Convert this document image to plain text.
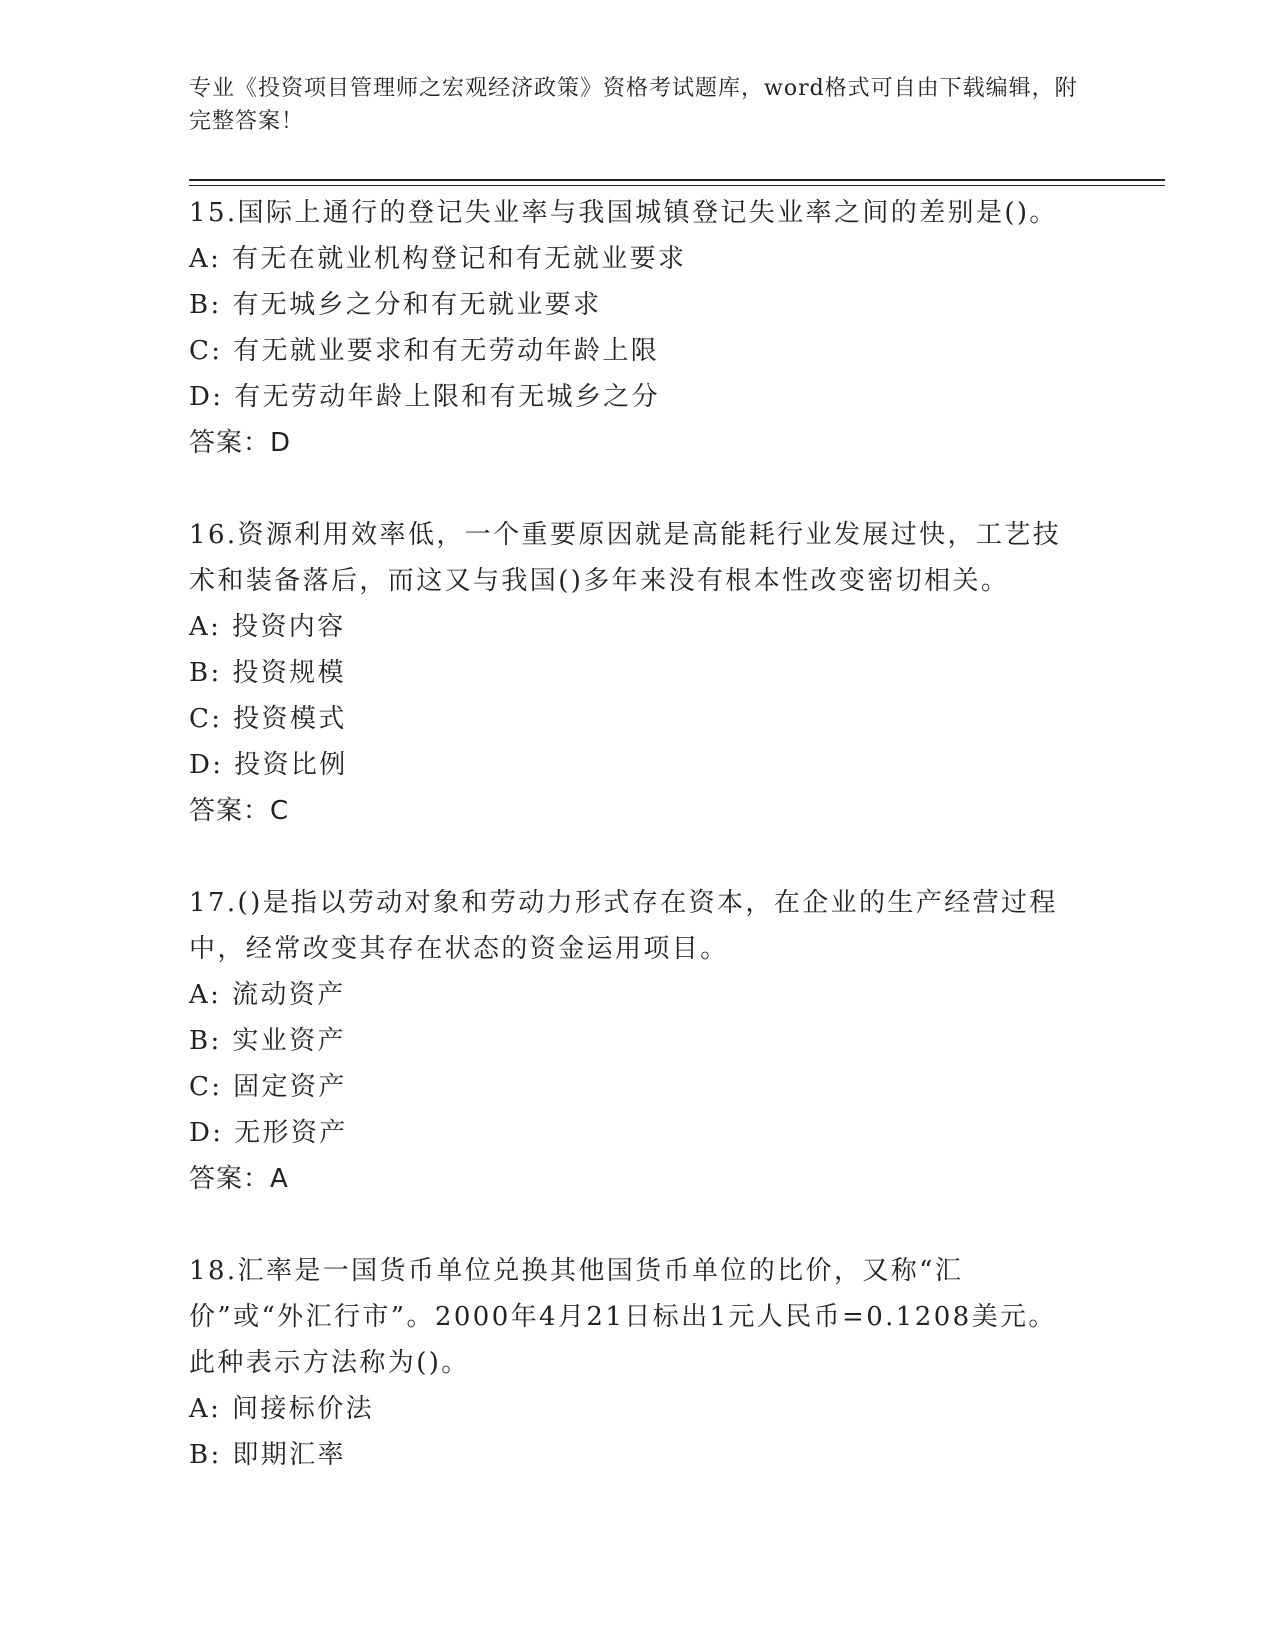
专业《投资项目管理师之宏观经济政策》资格考试题库，word格式可自由下载编辑，附完整答案！

15.国际上通行的登记失业率与我国城镇登记失业率之间的差别是()。

A: 有无在就业机构登记和有无就业要求

B: 有无城乡之分和有无就业要求

C: 有无就业要求和有无劳动年龄上限

D: 有无劳动年龄上限和有无城乡之分

答案：D

16.资源利用效率低，一个重要原因就是高能耗行业发展过快，工艺技术和装备落后，而这又与我国()多年来没有根本性改变密切相关。

A: 投资内容

B: 投资规模

C: 投资模式

D: 投资比例

答案：C

17.()是指以劳动对象和劳动力形式存在资本，在企业的生产经营过程中，经常改变其存在状态的资金运用项目。

A: 流动资产

B: 实业资产

C: 固定资产

D: 无形资产

答案：A

18.汇率是一国货币单位兑换其他国货币单位的比价，又称“汇价”或“外汇行市”。2000年4月21日标出1元人民币=0.1208美元。此种表示方法称为()。

A: 间接标价法

B: 即期汇率
